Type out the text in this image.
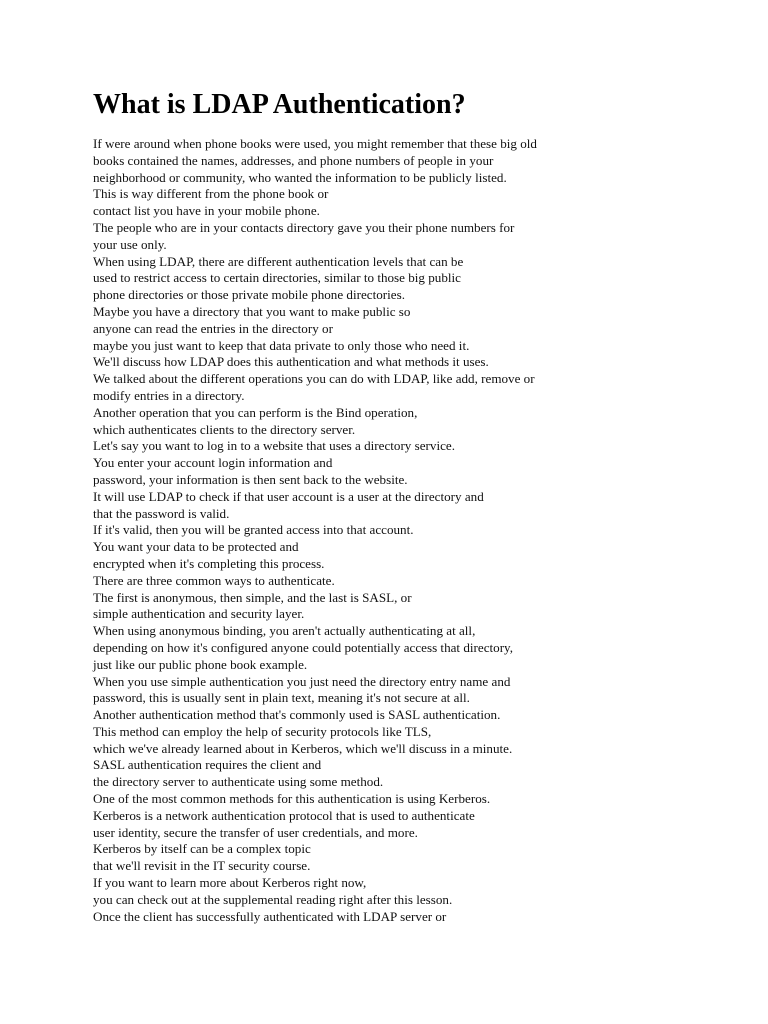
What is LDAP Authentication?
If were around when phone books were used, you might remember that these big old
books contained the names, addresses, and phone numbers of people in your
neighborhood or community, who wanted the information to be publicly listed.
This is way different from the phone book or
contact list you have in your mobile phone.
The people who are in your contacts directory gave you their phone numbers for
your use only.
When using LDAP, there are different authentication levels that can be
used to restrict access to certain directories, similar to those big public
phone directories or those private mobile phone directories.
Maybe you have a directory that you want to make public so
anyone can read the entries in the directory or
maybe you just want to keep that data private to only those who need it.
We'll discuss how LDAP does this authentication and what methods it uses.
We talked about the different operations you can do with LDAP, like add, remove or
modify entries in a directory.
Another operation that you can perform is the Bind operation,
which authenticates clients to the directory server.
Let's say you want to log in to a website that uses a directory service.
You enter your account login information and
password, your information is then sent back to the website.
It will use LDAP to check if that user account is a user at the directory and
that the password is valid.
If it's valid, then you will be granted access into that account.
You want your data to be protected and
encrypted when it's completing this process.
There are three common ways to authenticate.
The first is anonymous, then simple, and the last is SASL, or
simple authentication and security layer.
When using anonymous binding, you aren't actually authenticating at all,
depending on how it's configured anyone could potentially access that directory,
just like our public phone book example.
When you use simple authentication you just need the directory entry name and
password, this is usually sent in plain text, meaning it's not secure at all.
Another authentication method that's commonly used is SASL authentication.
This method can employ the help of security protocols like TLS,
which we've already learned about in Kerberos, which we'll discuss in a minute.
SASL authentication requires the client and
the directory server to authenticate using some method.
One of the most common methods for this authentication is using Kerberos.
Kerberos is a network authentication protocol that is used to authenticate
user identity, secure the transfer of user credentials, and more.
Kerberos by itself can be a complex topic
that we'll revisit in the IT security course.
If you want to learn more about Kerberos right now,
you can check out at the supplemental reading right after this lesson.
Once the client has successfully authenticated with LDAP server or
